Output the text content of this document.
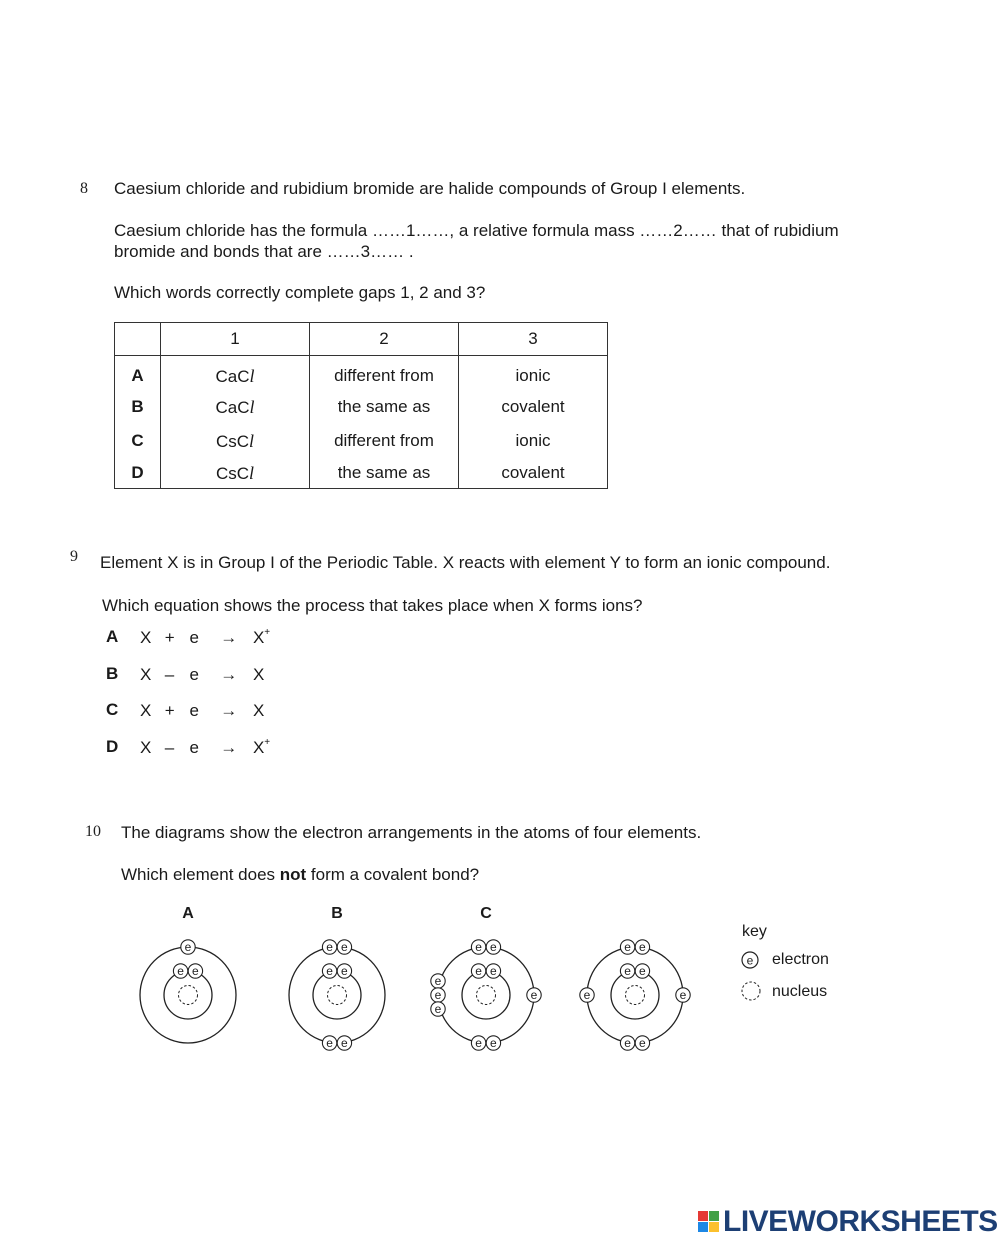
8 Caesium chloride and rubidium bromide are halide compounds of Group I elements.
Caesium chloride has the formula ……1……, a relative formula mass ……2…… that of rubidium
bromide and bonds that are ……3…… .
Which words correctly complete gaps 1, 2 and 3?
	1	2	3
A	CaCl	different from	ionic
B	CaCl	the same as	covalent
C	CsCl	different from	ionic
D	CsCl	the same as	covalent
9 Element X is in Group I of the Periodic Table. X reacts with element Y to form an ionic compound.
Which equation shows the process that takes place when X forms ions?
A X + e → X+
B X – e → X
C X + e → X
D X – e → X+
10 The diagrams show the electron arrangements in the atoms of four elements.
Which element does not form a covalent bond?
A
e e
e
B
e e
e e
e e
C
e e
e e
e e
e
e
e
e
e e
e e
e e
e	e
key
e electron
nucleus
LIVEWORKSHEETS
